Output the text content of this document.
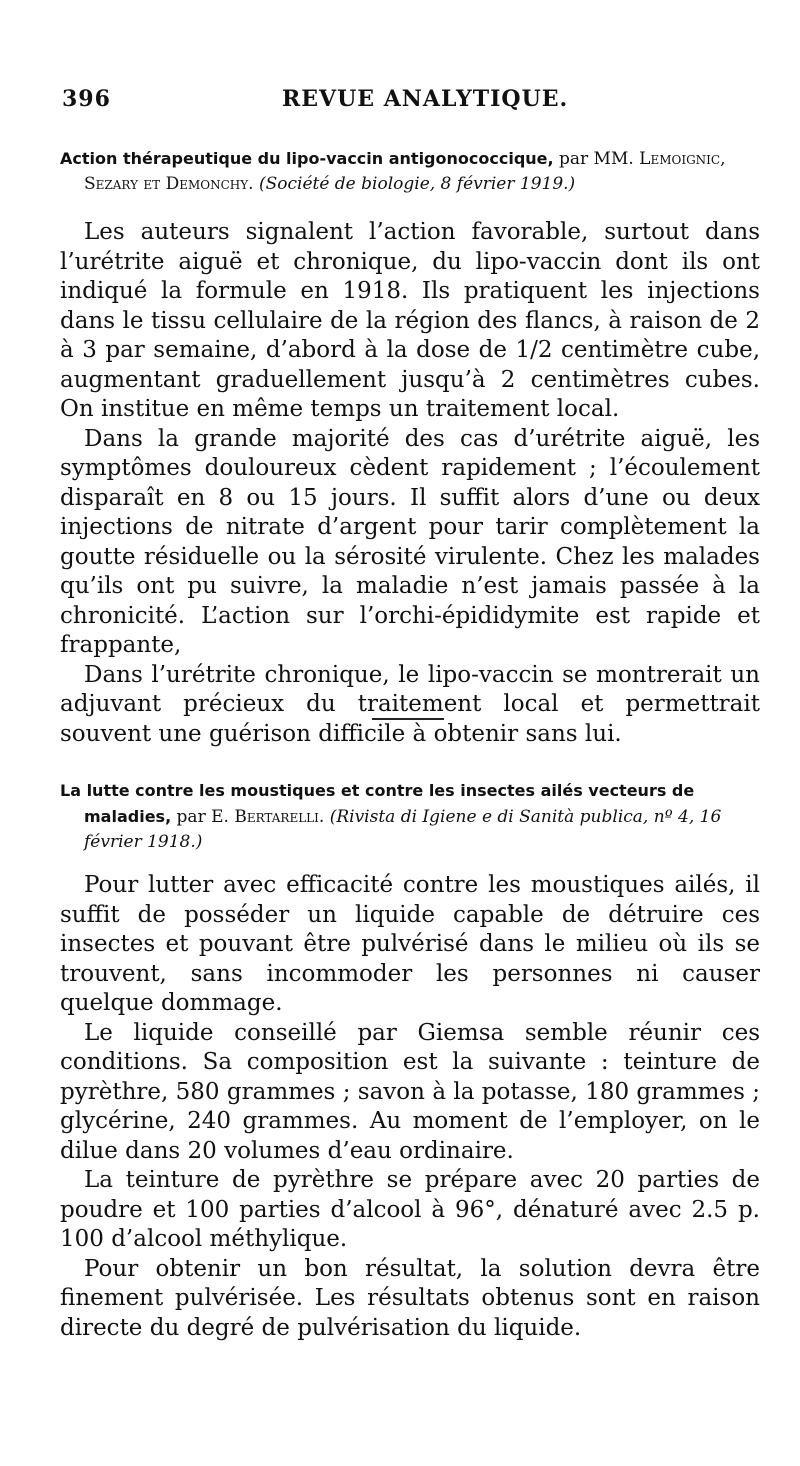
396	REVUE ANALYTIQUE.

Action thérapeutique du lipo-vaccin antigonococcique, par MM. Lemoignic, Sezary et Demonchy. (Société de biologie, 8 février 1919.)

Les auteurs signalent l’action favorable, surtout dans l’urétrite aiguë et chronique, du lipo-vaccin dont ils ont indiqué la formule en 1918. Ils pratiquent les injections dans le tissu cellulaire de la région des flancs, à raison de 2 à 3 par semaine, d’abord à la dose de 1/2 centimètre cube, augmentant graduellement jusqu’à 2 centimètres cubes. On institue en même temps un traitement local.

Dans la grande majorité des cas d’urétrite aiguë, les symptômes douloureux cèdent rapidement ; l’écoulement disparaît en 8 ou 15 jours. Il suffit alors d’une ou deux injections de nitrate d’argent pour tarir complètement la goutte résiduelle ou la sérosité virulente. Chez les malades qu’ils ont pu suivre, la maladie n’est jamais passée à la chronicité. L’action sur l’orchi-épididymite est rapide et frappante,

Dans l’urétrite chronique, le lipo-vaccin se montrerait un adjuvant précieux du traitement local et permettrait souvent une guérison difficile à obtenir sans lui.

La lutte contre les moustiques et contre les insectes ailés vecteurs de maladies, par E. Bertarelli. (Rivista di Igiene e di Sanità publica, nº 4, 16 février 1918.)

Pour lutter avec efficacité contre les moustiques ailés, il suffit de posséder un liquide capable de détruire ces insectes et pouvant être pulvérisé dans le milieu où ils se trouvent, sans incommoder les personnes ni causer quelque dommage.

Le liquide conseillé par Giemsa semble réunir ces conditions. Sa composition est la suivante : teinture de pyrèthre, 580 grammes ; savon à la potasse, 180 grammes ; glycérine, 240 grammes. Au moment de l’employer, on le dilue dans 20 volumes d’eau ordinaire.

La teinture de pyrèthre se prépare avec 20 parties de poudre et 100 parties d’alcool à 96°, dénaturé avec 2.5 p. 100 d’alcool méthylique.

Pour obtenir un bon résultat, la solution devra être finement pulvérisée. Les résultats obtenus sont en raison directe du degré de pulvérisation du liquide.
